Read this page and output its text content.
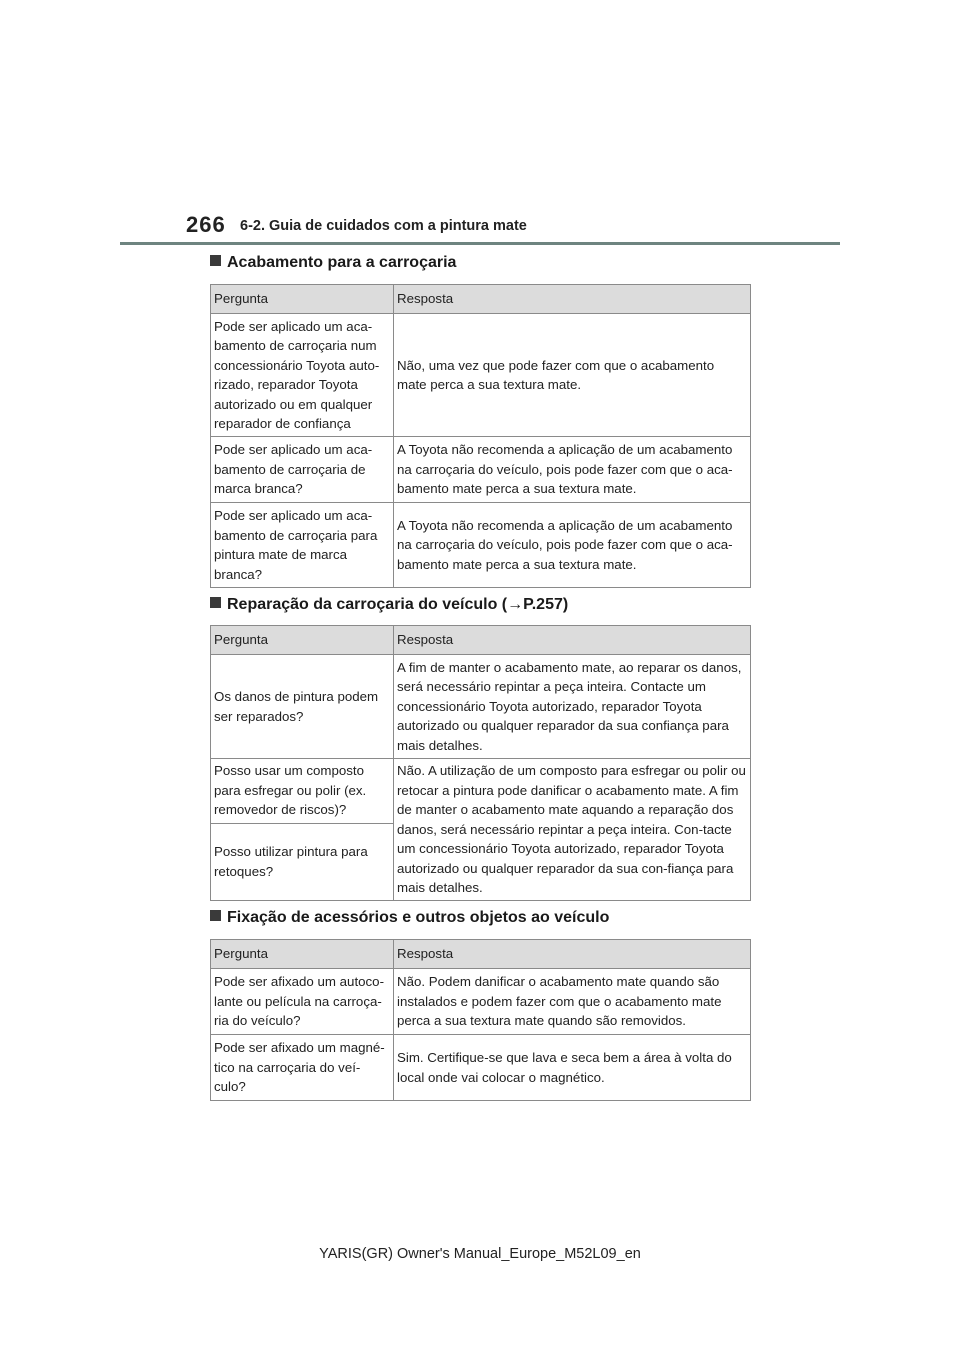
266 6-2. Guia de cuidados com a pintura mate
Acabamento para a carroçaria
Pergunta	Resposta
Pode ser aplicado um aca-bamento de carroçaria num concessionário Toyota auto-rizado, reparador Toyota autorizado ou em qualquer reparador de confiança	Não, uma vez que pode fazer com que o acabamento mate perca a sua textura mate.
Pode ser aplicado um aca-bamento de carroçaria de marca branca?	A Toyota não recomenda a aplicação de um acabamento na carroçaria do veículo, pois pode fazer com que o aca-bamento mate perca a sua textura mate.
Pode ser aplicado um aca-bamento de carroçaria para pintura mate de marca branca?	A Toyota não recomenda a aplicação de um acabamento na carroçaria do veículo, pois pode fazer com que o aca-bamento mate perca a sua textura mate.
Reparação da carroçaria do veículo (→P.257)
Pergunta	Resposta
Os danos de pintura podem ser reparados?	A fim de manter o acabamento mate, ao reparar os danos, será necessário repintar a peça inteira. Contacte um concessionário Toyota autorizado, reparador Toyota autorizado ou qualquer reparador da sua confiança para mais detalhes.
Posso usar um composto para esfregar ou polir (ex. removedor de riscos)?	Não. A utilização de um composto para esfregar ou polir ou retocar a pintura pode danificar o acabamento mate. A fim de manter o acabamento mate aquando a reparação dos danos, será necessário repintar a peça inteira. Con-tacte um concessionário Toyota autorizado, reparador Toyota autorizado ou qualquer reparador da sua con-fiança para mais detalhes.
Posso utilizar pintura para retoques?	
Fixação de acessórios e outros objetos ao veículo
Pergunta	Resposta
Pode ser afixado um autoco-lante ou película na carroça-ria do veículo?	Não. Podem danificar o acabamento mate quando são instalados e podem fazer com que o acabamento mate perca a sua textura mate quando são removidos.
Pode ser afixado um magné-tico na carroçaria do veí-culo?	Sim. Certifique-se que lava e seca bem a área à volta do local onde vai colocar o magnético.
YARIS(GR) Owner's Manual_Europe_M52L09_en
